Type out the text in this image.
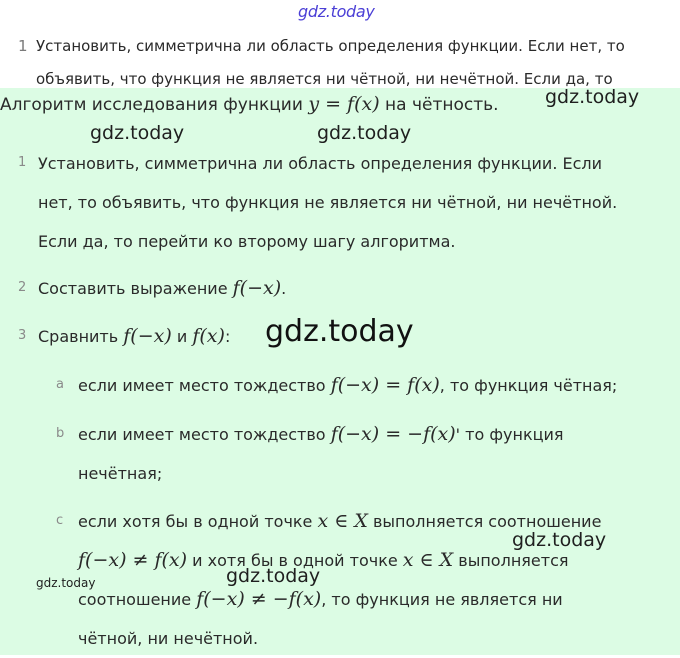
gdz.today
1 Установить, симметрична ли область определения функции. Если нет, то
объявить, что функция не является ни чётной, ни нечётной. Если да, то
Алгоритм исследования функции y = f(x) на чётность. gdz.today
gdz.today	gdz.today
1 Установить, симметрична ли область определения функции. Если
нет, то объявить, что функция не является ни чётной, ни нечётной.
Если да, то перейти ко второму шагу алгоритма.
2 Составить выражение f(−x).
3 Сравнить f(−x) и f(x): gdz.today
a если имеет место тождество f(−x) = f(x), то функция чётная;
b если имеет место тождество f(−x) = −f(x)' то функция
нечётная;
c если хотя бы в одной точке x ∈ X выполняется соотношение
f(−x) ≠ f(x) и хотя бы в одной точке x ∈ X выполняется
соотношение f(−x) ≠ −f(x), то функция не является ни
чётной, ни нечётной.
gdz.today
gdz.today	gdz.today
